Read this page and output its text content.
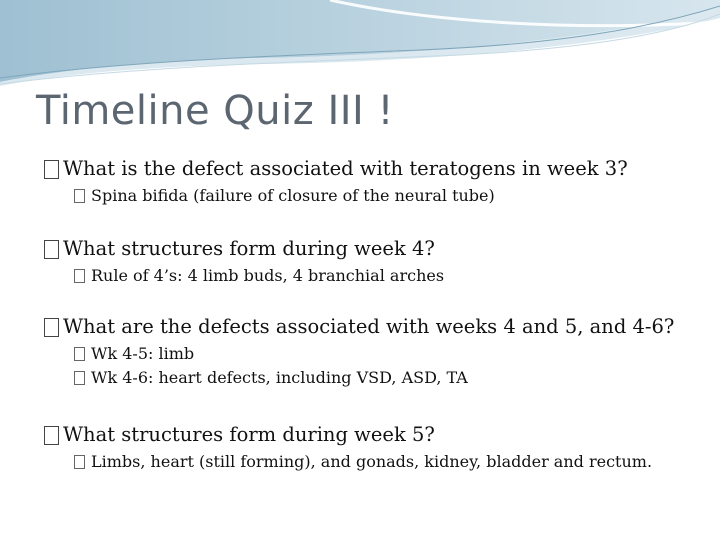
Timeline Quiz III !
What is the defect associated with teratogens in week 3?
Spina bifida (failure of closure of the neural tube)
What structures form during week 4?
Rule of 4’s: 4 limb buds, 4 branchial arches
What are the defects associated with weeks 4 and 5, and 4-6?
Wk 4-5: limb
Wk 4-6: heart defects, including VSD, ASD, TA
What structures form during week 5?
Limbs, heart (still forming), and gonads, kidney, bladder and rectum.
